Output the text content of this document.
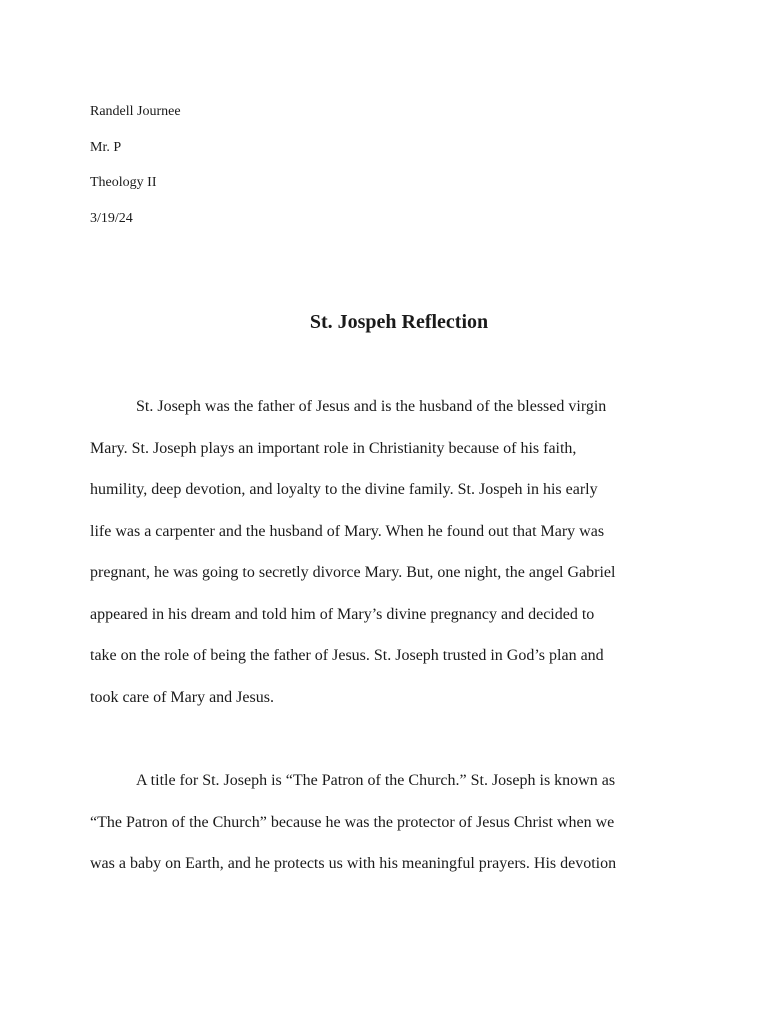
Randell Journee
Mr. P
Theology II
3/19/24
St. Jospeh Reflection
St. Joseph was the father of Jesus and is the husband of the blessed virgin
Mary. St. Joseph plays an important role in Christianity because of his faith,
humility, deep devotion, and loyalty to the divine family. St. Jospeh in his early
life was a carpenter and the husband of Mary. When he found out that Mary was
pregnant, he was going to secretly divorce Mary. But, one night, the angel Gabriel
appeared in his dream and told him of Mary’s divine pregnancy and decided to
take on the role of being the father of Jesus. St. Joseph trusted in God’s plan and
took care of Mary and Jesus.
A title for St. Joseph is “The Patron of the Church.” St. Joseph is known as
“The Patron of the Church” because he was the protector of Jesus Christ when we
was a baby on Earth, and he protects us with his meaningful prayers. His devotion
